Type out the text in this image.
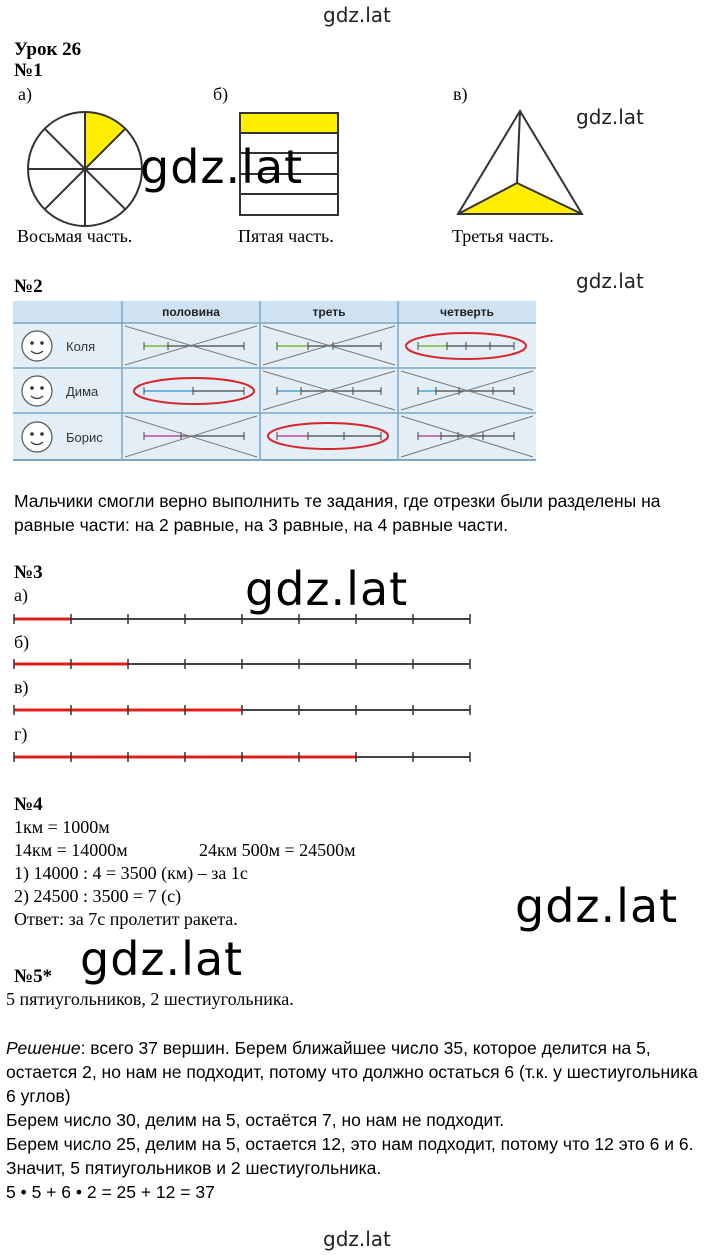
gdz.lat
gdz.lat
gdz.lat
Урок 26
№1
а)	б)	в)
gdz.lat
Восьмая часть.	Пятая часть.	Третья часть.
№2
половина	треть	четверть
Коля
Дима
Борис
Мальчики смогли верно выполнить те задания, где отрезки были разделены на равные части: на 2 равные, на 3 равные, на 4 равные части.
№3	gdz.lat
а)
б)
в)
г)
№4
1км = 1000м
14км = 14000м	24км 500м = 24500м
1) 14000 : 4 = 3500 (км) – за 1с
2) 24500 : 3500 = 7 (с)
Ответ: за 7с пролетит ракета.	gdz.lat
gdz.lat
№5*
5 пятиугольников, 2 шестиугольника.
Решение: всего 37 вершин. Берем ближайшее число 35, которое делится на 5, остается 2, но нам не подходит, потому что должно остаться 6 (т.к. у шестиугольника 6 углов)
Берем число 30, делим на 5, остаётся 7, но нам не подходит.
Берем число 25, делим на 5, остается 12, это нам подходит, потому что 12 это 6 и 6. Значит, 5 пятиугольников и 2 шестиугольника.
5 • 5 + 6 • 2 = 25 + 12 = 37
gdz.lat
